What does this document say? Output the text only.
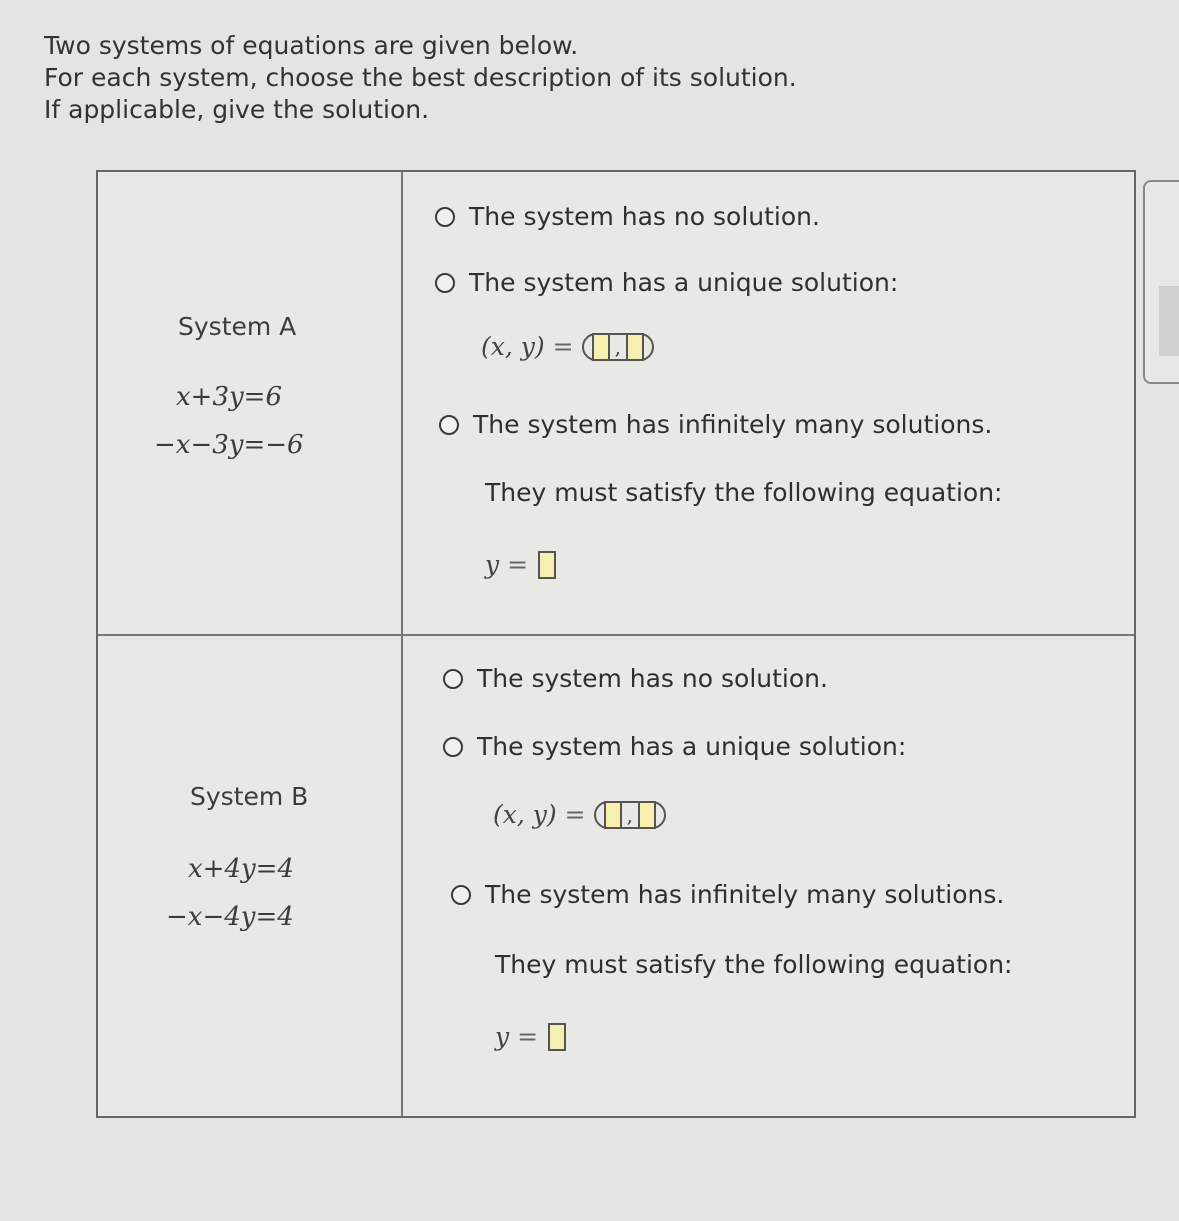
Two systems of equations are given below.
For each system, choose the best description of its solution.
If applicable, give the solution.
System A
x+3y=6
−x−3y=−6
The system has no solution.
The system has a unique solution:
(x, y) = ,
The system has infinitely many solutions.
They must satisfy the following equation:
y =
System B
x+4y=4
−x−4y=4
The system has no solution.
The system has a unique solution:
(x, y) = ,
The system has infinitely many solutions.
They must satisfy the following equation:
y =
